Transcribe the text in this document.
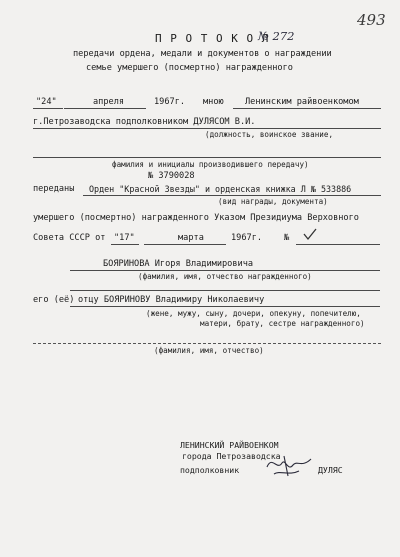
493
П Р О Т О К О Л
№ 272
передачи ордена, медали и документов о награждении
семье умершего (посмертно) награжденного
"24"	апреля	1967г. мною Ленинским райвоенкомом
г.Петрозаводска подполковником ДУЛЯСОМ В.И.
(должность, воинское звание,
фамилия и инициалы производившего передачу)
№ 3790028
переданы Орден "Красной Звезды" и орденская книжка Л № 533886
(вид награды, документа)
умершего (посмертно) награжденного Указом Президиума Верховного
Совета СССР от "17"	марта	1967г.	№
БОЯРИНОВА Игоря Владимировича
(фамилия, имя, отчество награжденного)
его (её) отцу БОЯРИНОВУ Владимиру Николаевичу
(жене, мужу, сыну, дочери, опекуну, попечителю,
матери, брату, сестре награжденного)
(фамилия, имя, отчество)
ЛЕНИНСКИЙ РАЙВОЕНКОМ
города Петрозаводска
подполковник	ДУЛЯС
